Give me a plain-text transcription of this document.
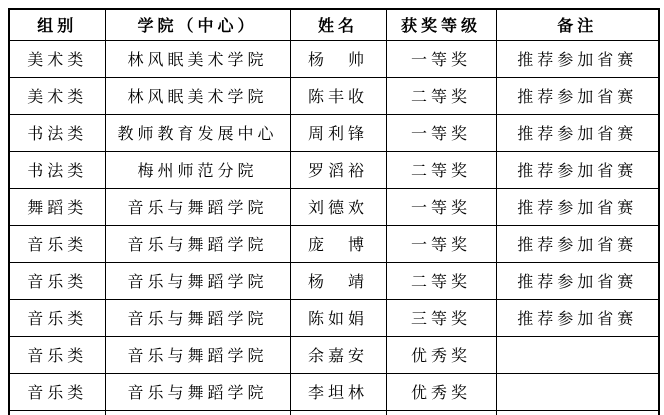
组别	学院（中心）	姓名	获奖等级	备注
美术类	林风眠美术学院	杨　帅	一等奖	推荐参加省赛
美术类	林风眠美术学院	陈丰收	二等奖	推荐参加省赛
书法类	教师教育发展中心	周利锋	一等奖	推荐参加省赛
书法类	梅州师范分院	罗滔裕	二等奖	推荐参加省赛
舞蹈类	音乐与舞蹈学院	刘德欢	一等奖	推荐参加省赛
音乐类	音乐与舞蹈学院	庞　博	一等奖	推荐参加省赛
音乐类	音乐与舞蹈学院	杨　靖	二等奖	推荐参加省赛
音乐类	音乐与舞蹈学院	陈如娟	三等奖	推荐参加省赛
音乐类	音乐与舞蹈学院	余嘉安	优秀奖	
音乐类	音乐与舞蹈学院	李坦林	优秀奖	
